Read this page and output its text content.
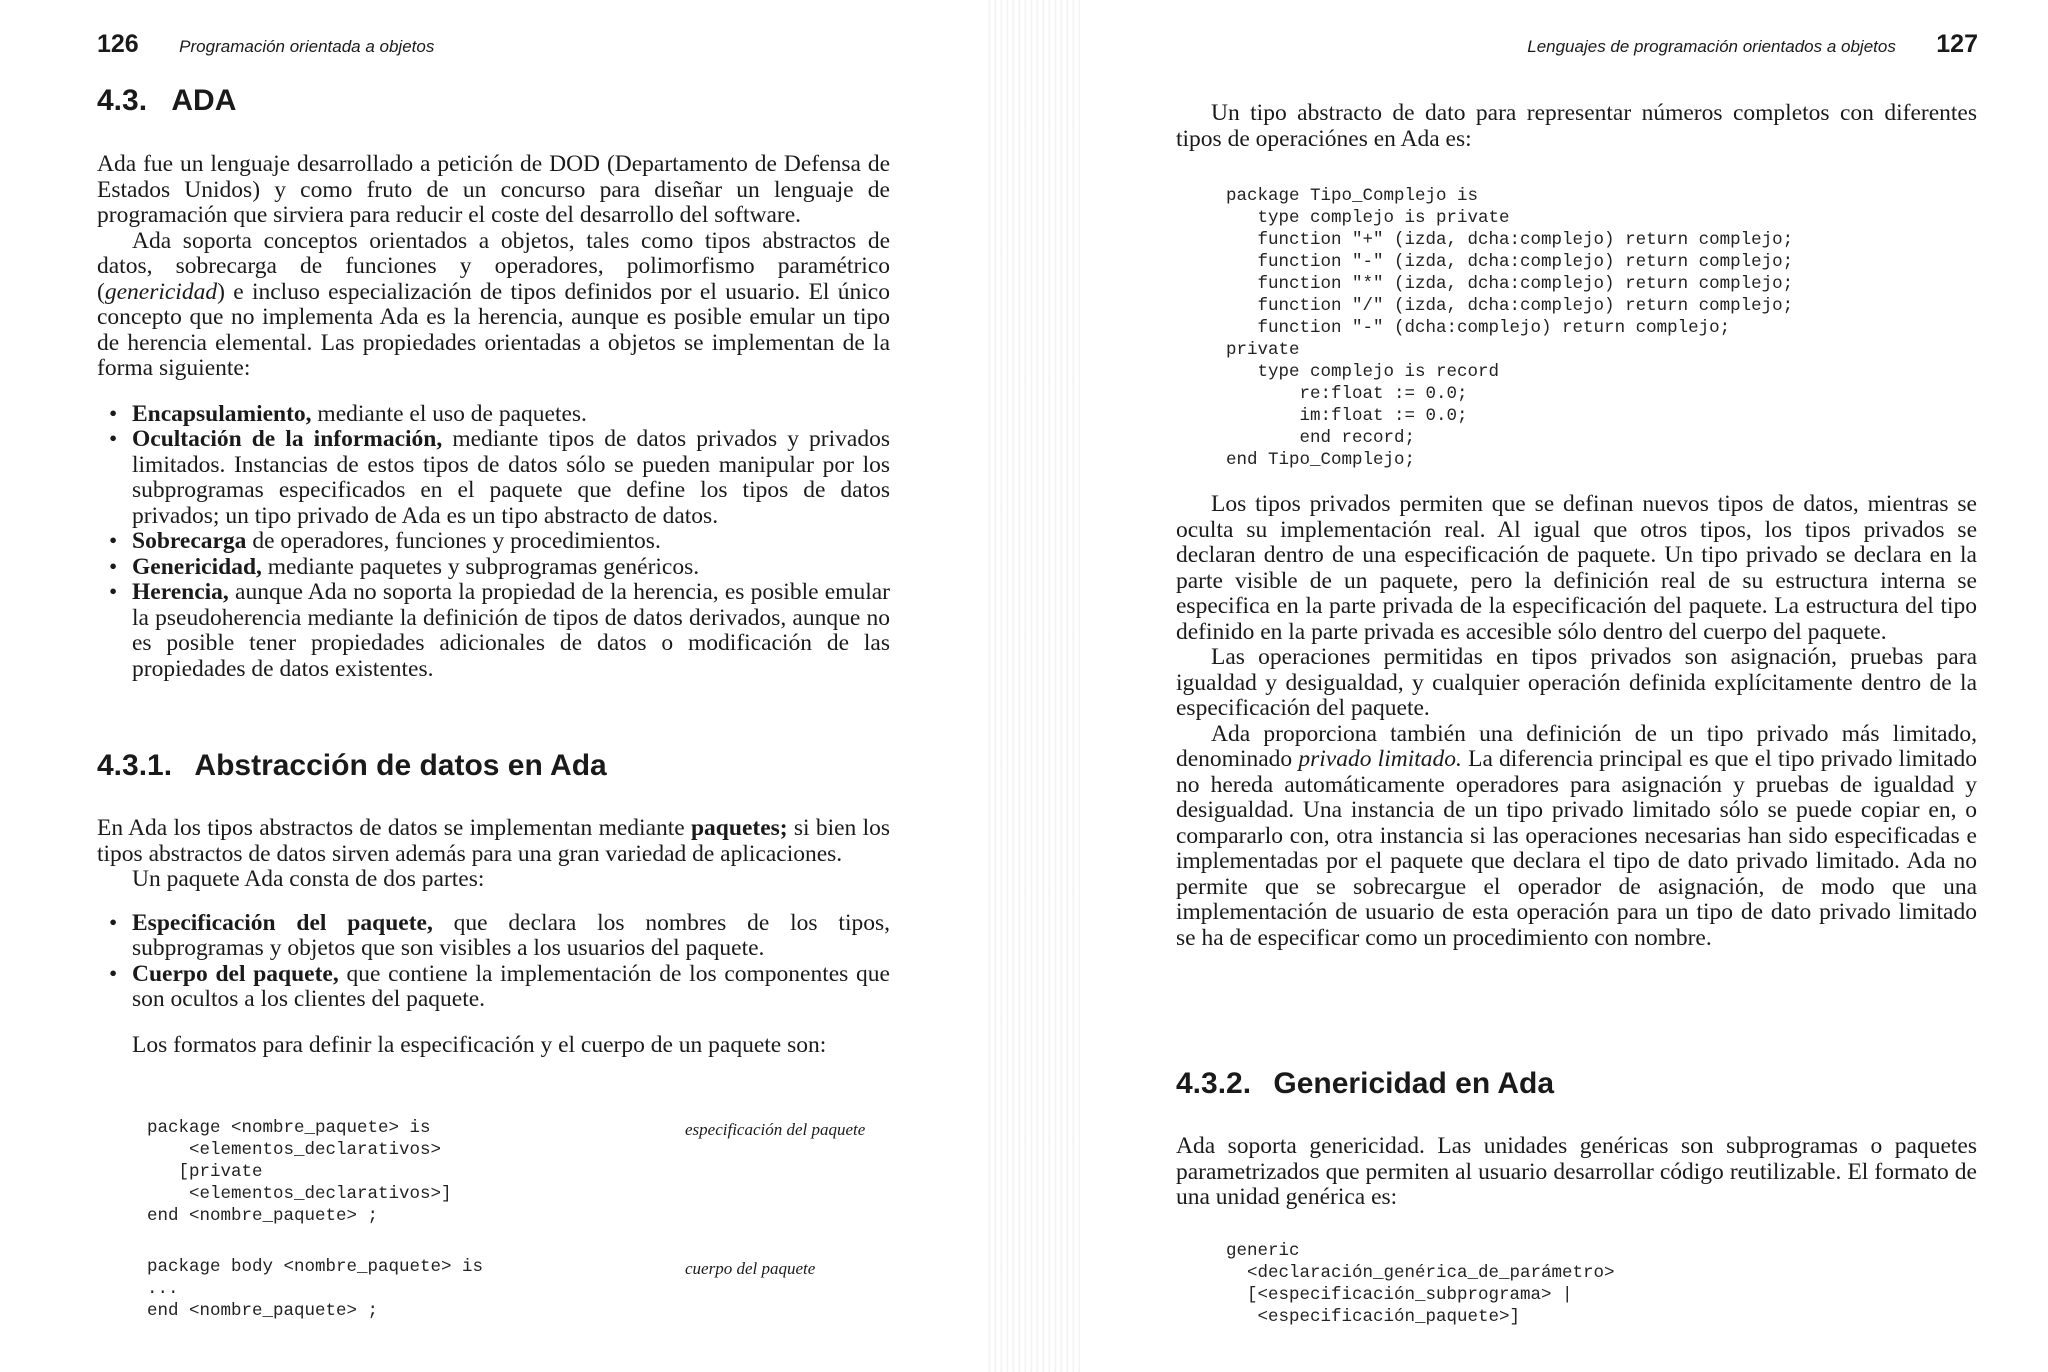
126 Programación orientada a objetos
4.3. ADA

Ada fue un lenguaje desarrollado a petición de DOD (Departamento de Defensa de Estados Unidos) y como fruto de un concurso para diseñar un lenguaje de programación que sirviera para reducir el coste del desarrollo del software.

Ada soporta conceptos orientados a objetos, tales como tipos abstractos de datos, sobrecarga de funciones y operadores, polimorfismo paramétrico (genericidad) e incluso especialización de tipos definidos por el usuario. El único concepto que no implementa Ada es la herencia, aunque es posible emular un tipo de herencia elemental. Las propiedades orientadas a objetos se implementan de la forma siguiente:

• Encapsulamiento, mediante el uso de paquetes.
• Ocultación de la información, mediante tipos de datos privados y privados limitados. Instancias de estos tipos de datos sólo se pueden manipular por los subprogramas especificados en el paquete que define los tipos de datos privados; un tipo privado de Ada es un tipo abstracto de datos.
• Sobrecarga de operadores, funciones y procedimientos.
• Genericidad, mediante paquetes y subprogramas genéricos.
• Herencia, aunque Ada no soporta la propiedad de la herencia, es posible emular la pseudoherencia mediante la definición de tipos de datos derivados, aunque no es posible tener propiedades adicionales de datos o modificación de las propiedades de datos existentes.
4.3.1. Abstracción de datos en Ada

En Ada los tipos abstractos de datos se implementan mediante paquetes; si bien los tipos abstractos de datos sirven además para una gran variedad de aplicaciones.

Un paquete Ada consta de dos partes:

• Especificación del paquete, que declara los nombres de los tipos, subprogramas y objetos que son visibles a los usuarios del paquete.
• Cuerpo del paquete, que contiene la implementación de los componentes que son ocultos a los clientes del paquete.

Los formatos para definir la especificación y el cuerpo de un paquete son:

package <nombre_paquete> is
<elementos_declarativos>
[private
<elementos_declarativos>]
end <nombre_paquete> ;
especificación del paquete
package body <nombre_paquete> is
...
end <nombre_paquete> ;
cuerpo del paquete
Lenguajes de programación orientados a objetos 127

Un tipo abstracto de dato para representar números completos con diferentes tipos de operaciónes en Ada es:

package Tipo_Complejo is
type complejo is private
function "+" (izda, dcha:complejo) return complejo;
function "-" (izda, dcha:complejo) return complejo;
function "*" (izda, dcha:complejo) return complejo;
function "/" (izda, dcha:complejo) return complejo;
function "-" (dcha:complejo) return complejo;
private
type complejo is record
re:float := 0.0;
im:float := 0.0;
end record;
end Tipo_Complejo;

Los tipos privados permiten que se definan nuevos tipos de datos, mientras se oculta su implementación real. Al igual que otros tipos, los tipos privados se declaran dentro de una especificación de paquete. Un tipo privado se declara en la parte visible de un paquete, pero la definición real de su estructura interna se especifica en la parte privada de la especificación del paquete. La estructura del tipo definido en la parte privada es accesible sólo dentro del cuerpo del paquete.

Las operaciones permitidas en tipos privados son asignación, pruebas para igualdad y desigualdad, y cualquier operación definida explícitamente dentro de la especificación del paquete.

Ada proporciona también una definición de un tipo privado más limitado, denominado privado limitado. La diferencia principal es que el tipo privado limitado no hereda automáticamente operadores para asignación y pruebas de igualdad y desigualdad. Una instancia de un tipo privado limitado sólo se puede copiar en, o compararlo con, otra instancia si las operaciones necesarias han sido especificadas e implementadas por el paquete que declara el tipo de dato privado limitado. Ada no permite que se sobrecargue el operador de asignación, de modo que una implementación de usuario de esta operación para un tipo de dato privado limitado se ha de especificar como un procedimiento con nombre.

4.3.2. Genericidad en Ada

Ada soporta genericidad. Las unidades genéricas son subprogramas o paquetes parametrizados que permiten al usuario desarrollar código reutilizable. El formato de una unidad genérica es:

generic
<declaración_genérica_de_parámetro>
[<especificación_subprograma> |
<especificación_paquete>]
